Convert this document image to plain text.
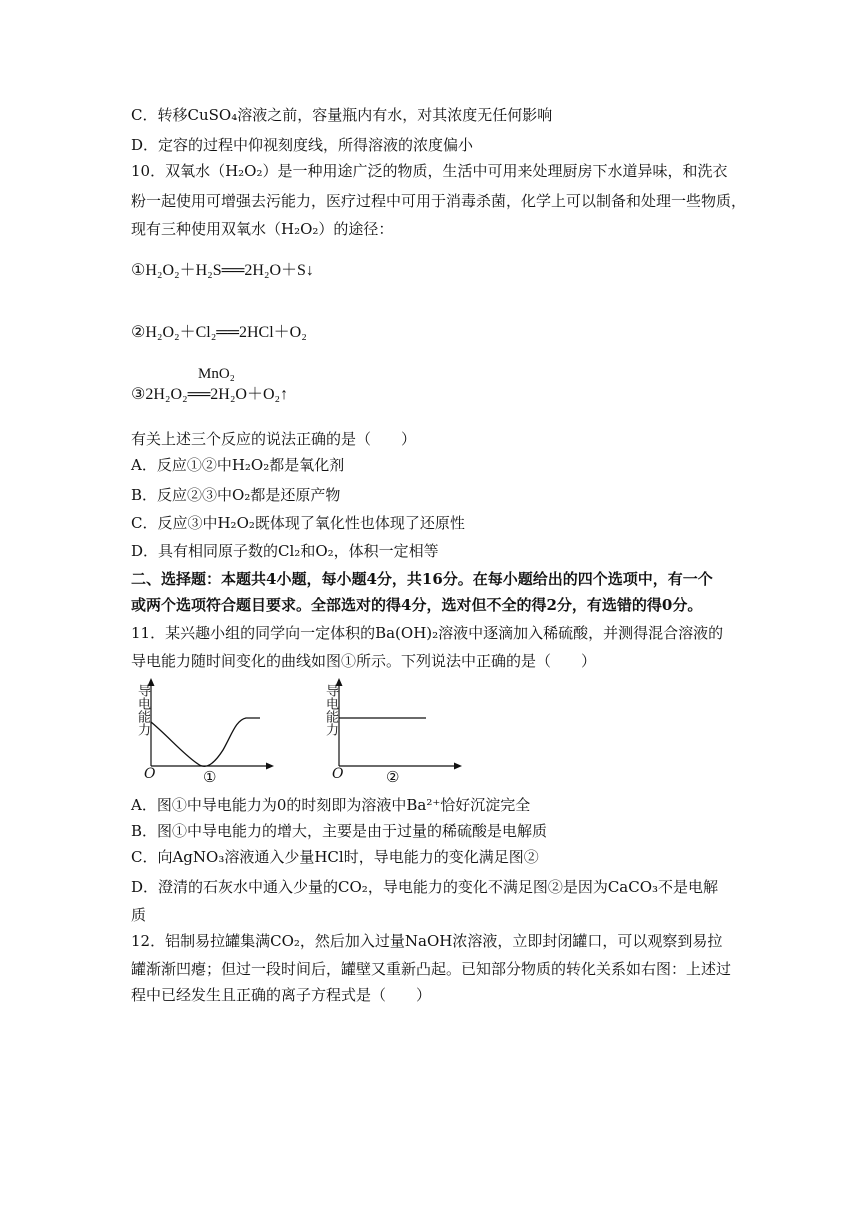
C．转移CuSO₄溶液之前，容量瓶内有水，对其浓度无任何影响
D．定容的过程中仰视刻度线，所得溶液的浓度偏小
10．双氧水（H₂O₂）是一种用途广泛的物质，生活中可用来处理厨房下水道异味，和洗衣
粉一起使用可增强去污能力，医疗过程中可用于消毒杀菌，化学上可以制备和处理一些物质，
现有三种使用双氧水（H₂O₂）的途径：
①H₂O₂＋H₂S══2H₂O＋S↓
②H₂O₂＋Cl₂══2HCl＋O₂
MnO₂
③2H₂O₂══2H₂O＋O₂↑
有关上述三个反应的说法正确的是（　　）
A．反应①②中H₂O₂都是氧化剂
B．反应②③中O₂都是还原产物
C．反应③中H₂O₂既体现了氧化性也体现了还原性
D．具有相同原子数的Cl₂和O₂，体积一定相等
二、选择题：本题共4小题，每小题4分，共16分。在每小题给出的四个选项中，有一个
或两个选项符合题目要求。全部选对的得4分，选对但不全的得2分，有选错的得0分。
11．某兴趣小组的同学向一定体积的Ba(OH)₂溶液中逐滴加入稀硫酸，并测得混合溶液的
导电能力随时间变化的曲线如图①所示。下列说法中正确的是（　　）
导电能力
O	①
导电能力
O	②
A．图①中导电能力为0的时刻即为溶液中Ba²⁺恰好沉淀完全
B．图①中导电能力的增大，主要是由于过量的稀硫酸是电解质
C．向AgNO₃溶液通入少量HCl时，导电能力的变化满足图②
D．澄清的石灰水中通入少量的CO₂，导电能力的变化不满足图②是因为CaCO₃不是电解
质
12．铝制易拉罐集满CO₂，然后加入过量NaOH浓溶液，立即封闭罐口，可以观察到易拉
罐渐渐凹瘪；但过一段时间后，罐壁又重新凸起。已知部分物质的转化关系如右图：上述过
程中已经发生且正确的离子方程式是（　　）
